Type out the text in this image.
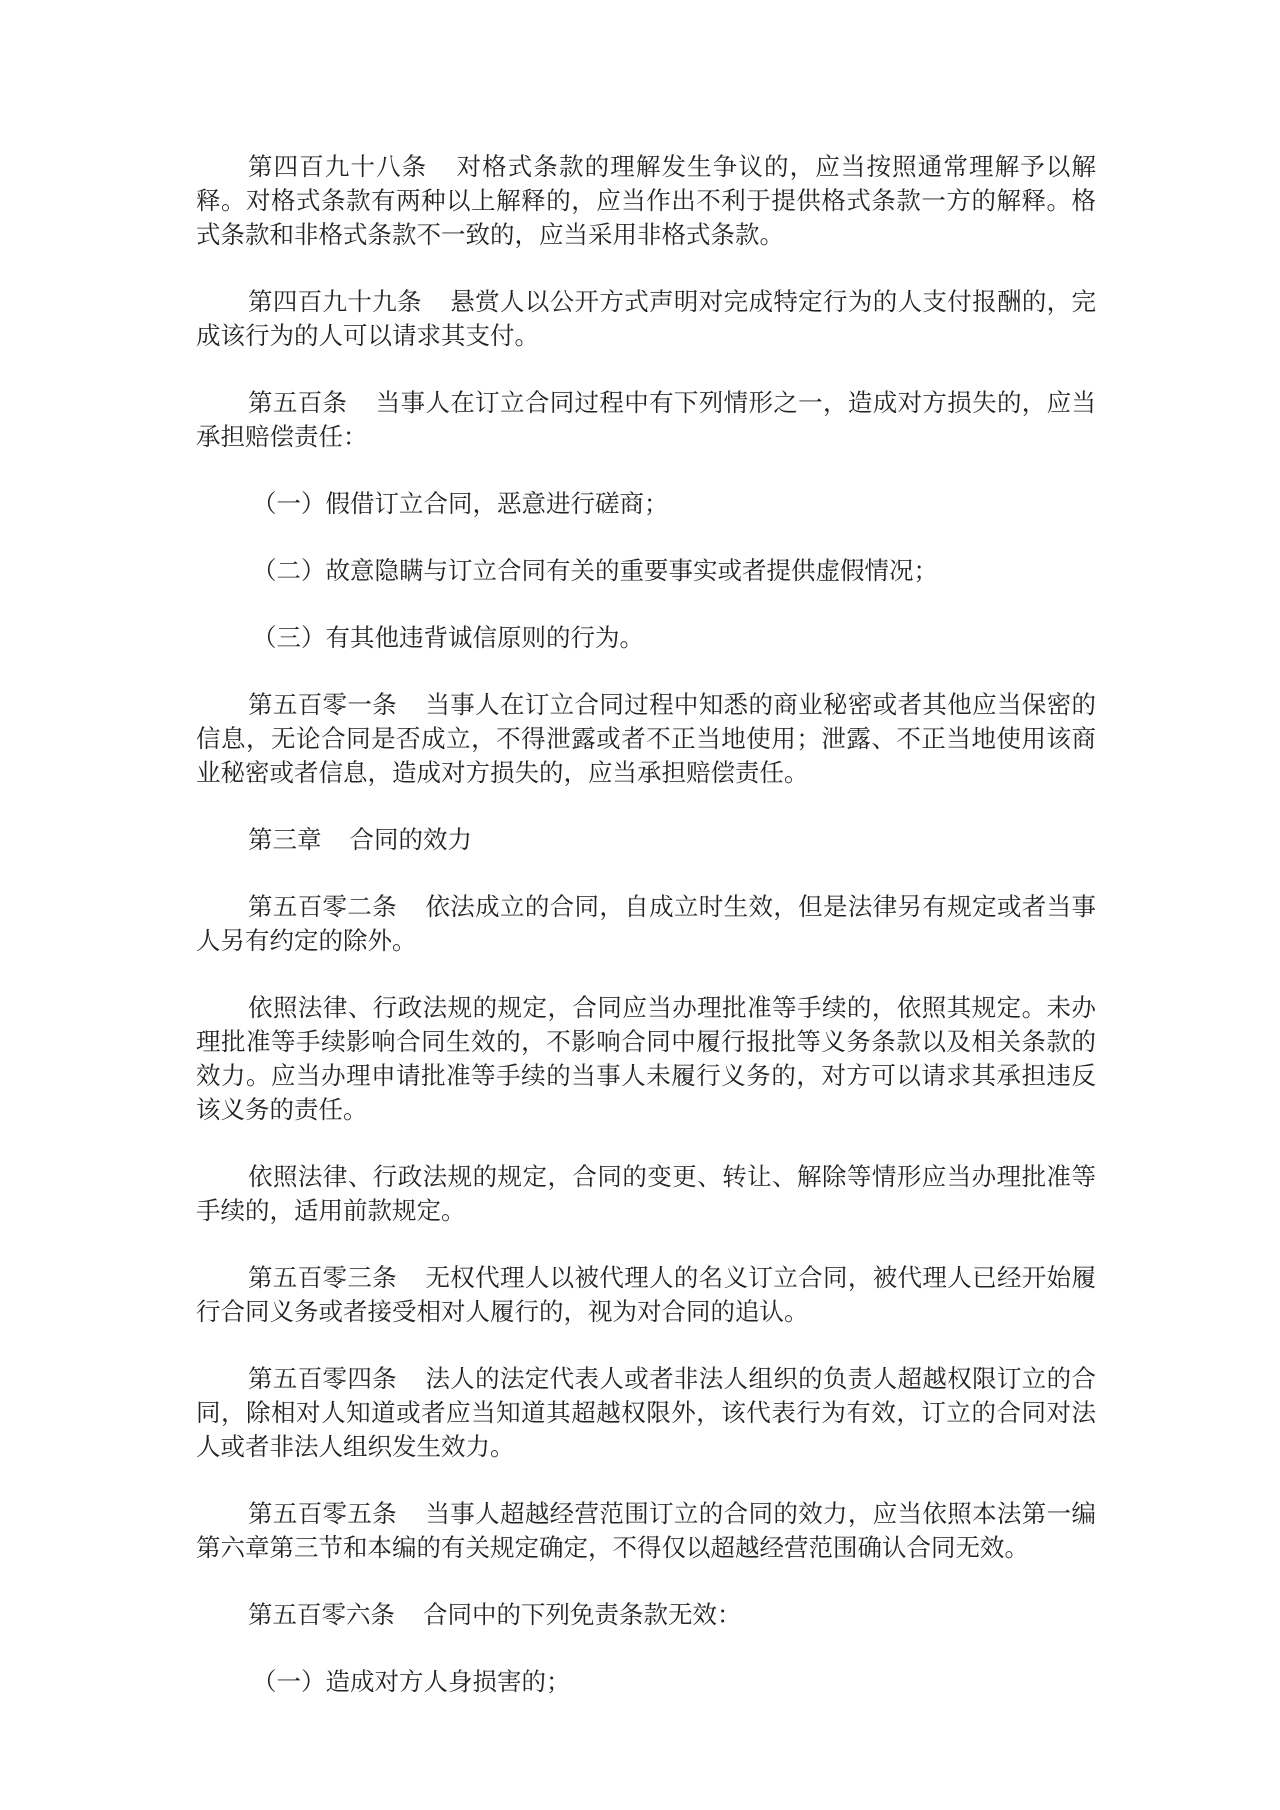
第四百九十八条 对格式条款的理解发生争议的，应当按照通常理解予以解释。对格式条款有两种以上解释的，应当作出不利于提供格式条款一方的解释。格式条款和非格式条款不一致的，应当采用非格式条款。

第四百九十九条 悬赏人以公开方式声明对完成特定行为的人支付报酬的，完成该行为的人可以请求其支付。

第五百条 当事人在订立合同过程中有下列情形之一，造成对方损失的，应当承担赔偿责任：

（一）假借订立合同，恶意进行磋商；

（二）故意隐瞒与订立合同有关的重要事实或者提供虚假情况；

（三）有其他违背诚信原则的行为。

第五百零一条 当事人在订立合同过程中知悉的商业秘密或者其他应当保密的信息，无论合同是否成立，不得泄露或者不正当地使用；泄露、不正当地使用该商业秘密或者信息，造成对方损失的，应当承担赔偿责任。

第三章 合同的效力

第五百零二条 依法成立的合同，自成立时生效，但是法律另有规定或者当事人另有约定的除外。

依照法律、行政法规的规定，合同应当办理批准等手续的，依照其规定。未办理批准等手续影响合同生效的，不影响合同中履行报批等义务条款以及相关条款的效力。应当办理申请批准等手续的当事人未履行义务的，对方可以请求其承担违反该义务的责任。

依照法律、行政法规的规定，合同的变更、转让、解除等情形应当办理批准等手续的，适用前款规定。

第五百零三条 无权代理人以被代理人的名义订立合同，被代理人已经开始履行合同义务或者接受相对人履行的，视为对合同的追认。

第五百零四条 法人的法定代表人或者非法人组织的负责人超越权限订立的合同，除相对人知道或者应当知道其超越权限外，该代表行为有效，订立的合同对法人或者非法人组织发生效力。

第五百零五条 当事人超越经营范围订立的合同的效力，应当依照本法第一编第六章第三节和本编的有关规定确定，不得仅以超越经营范围确认合同无效。

第五百零六条 合同中的下列免责条款无效：

（一）造成对方人身损害的；
